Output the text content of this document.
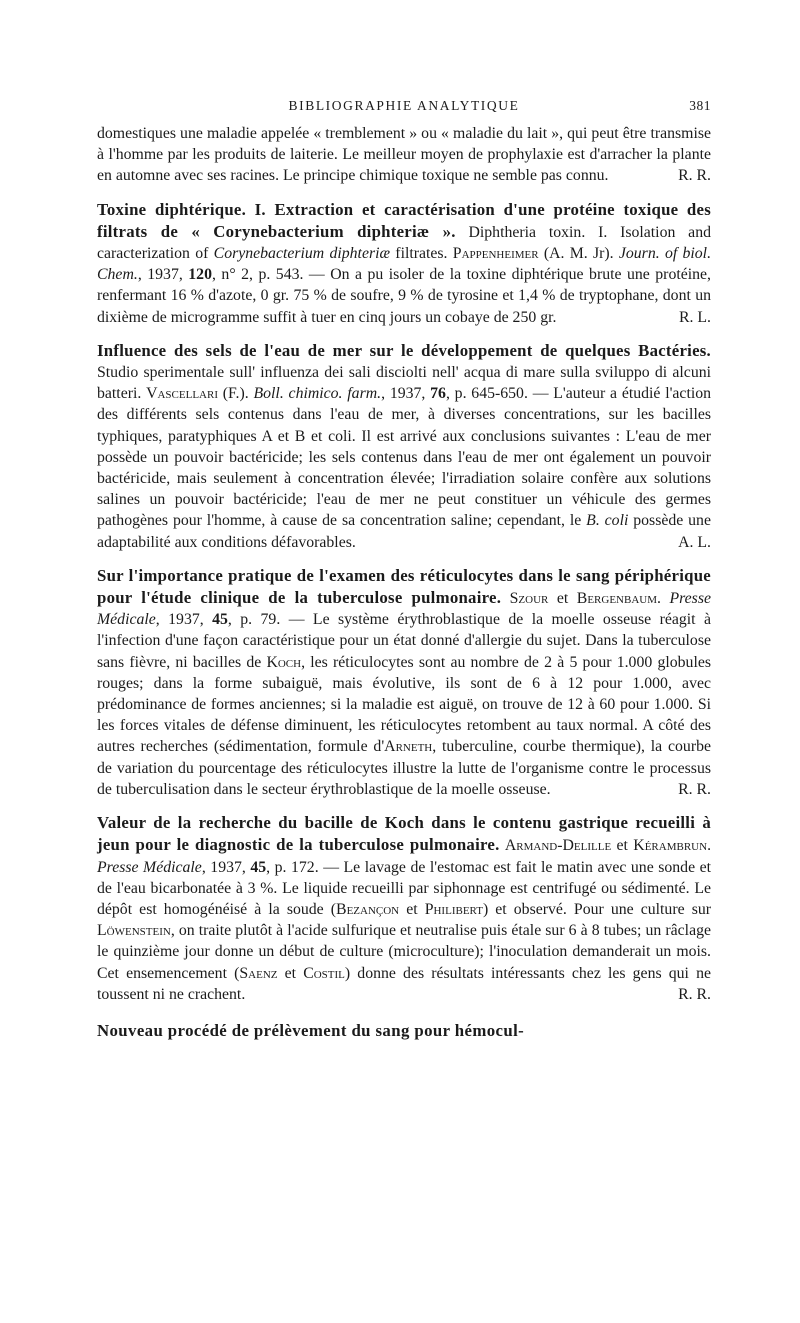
BIBLIOGRAPHIE ANALYTIQUE	381

domestiques une maladie appelée « tremblement » ou « maladie du lait », qui peut être transmise à l'homme par les produits de laiterie. Le meilleur moyen de prophylaxie est d'arracher la plante en automne avec ses racines. Le principe chimique toxique ne semble pas connu.	R. R.

Toxine diphtérique. I. Extraction et caractérisation d'une protéine toxique des filtrats de « Corynebacterium diphteriæ ». Diphtheria toxin. I. Isolation and caracterization of Corynebacterium diphteriæ filtrates. Pappenheimer (A. M. Jr). Journ. of biol. Chem., 1937, 120, n° 2, p. 543. — On a pu isoler de la toxine diphtérique brute une protéine, renfermant 16 % d'azote, 0 gr. 75 % de soufre, 9 % de tyrosine et 1,4 % de tryptophane, dont un dixième de microgramme suffit à tuer en cinq jours un cobaye de 250 gr.	R. L.

Influence des sels de l'eau de mer sur le développement de quelques Bactéries. Studio sperimentale sull' influenza dei sali disciolti nell' acqua di mare sulla sviluppo di alcuni batteri. Vascellari (F.). Boll. chimico. farm., 1937, 76, p. 645-650. — L'auteur a étudié l'action des différents sels contenus dans l'eau de mer, à diverses concentrations, sur les bacilles typhiques, paratyphiques A et B et coli. Il est arrivé aux conclusions suivantes : L'eau de mer possède un pouvoir bactéricide; les sels contenus dans l'eau de mer ont également un pouvoir bactéricide, mais seulement à concentration élevée; l'irradiation solaire confère aux solutions salines un pouvoir bactéricide; l'eau de mer ne peut constituer un véhicule des germes pathogènes pour l'homme, à cause de sa concentration saline; cependant, le B. coli possède une adaptabilité aux conditions défavorables.	A. L.

Sur l'importance pratique de l'examen des réticulocytes dans le sang périphérique pour l'étude clinique de la tuberculose pulmonaire. Szour et Bergenbaum. Presse Médicale, 1937, 45, p. 79. — Le système érythroblastique de la moelle osseuse réagit à l'infection d'une façon caractéristique pour un état donné d'allergie du sujet. Dans la tuberculose sans fièvre, ni bacilles de Koch, les réticulocytes sont au nombre de 2 à 5 pour 1.000 globules rouges; dans la forme subaiguë, mais évolutive, ils sont de 6 à 12 pour 1.000, avec prédominance de formes anciennes; si la maladie est aiguë, on trouve de 12 à 60 pour 1.000. Si les forces vitales de défense diminuent, les réticulocytes retombent au taux normal. A côté des autres recherches (sédimentation, formule d'Arneth, tuberculine, courbe thermique), la courbe de variation du pourcentage des réticulocytes illustre la lutte de l'organisme contre le processus de tuberculisation dans le secteur érythroblastique de la moelle osseuse.	R. R.

Valeur de la recherche du bacille de Koch dans le contenu gastrique recueilli à jeun pour le diagnostic de la tuberculose pulmonaire. Armand-Delille et Kérambrun. Presse Médicale, 1937, 45, p. 172. — Le lavage de l'estomac est fait le matin avec une sonde et de l'eau bicarbonatée à 3 %. Le liquide recueilli par siphonnage est centrifugé ou sédimenté. Le dépôt est homogénéisé à la soude (Bezançon et Philibert) et observé. Pour une culture sur Löwenstein, on traite plutôt à l'acide sulfurique et neutralise puis étale sur 6 à 8 tubes; un râclage le quinzième jour donne un début de culture (microculture); l'inoculation demanderait un mois. Cet ensemencement (Saenz et Costil) donne des résultats intéressants chez les gens qui ne toussent ni ne crachent.	R. R.

Nouveau procédé de prélèvement du sang pour hémocul-
